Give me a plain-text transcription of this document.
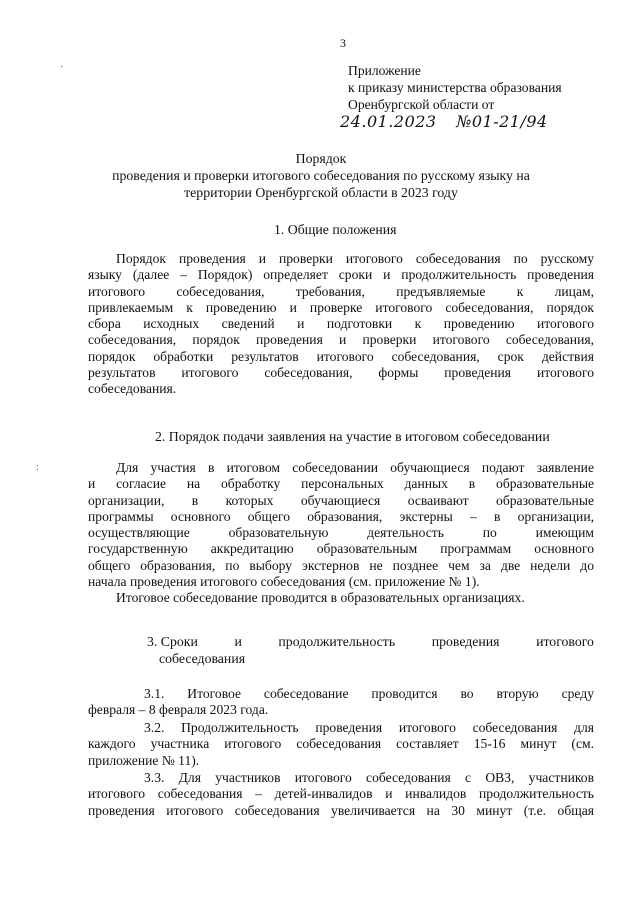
3
Приложение
к приказу министерства образования
Оренбургской области от
24.01.2023 №01-21/94
Порядок
проведения и проверки итогового собеседования по русскому языку на
территории Оренбургской области в 2023 году
1. Общие положения
Порядок проведения и проверки итогового собеседования по русскому
языку (далее – Порядок) определяет сроки и продолжительность проведения
итогового собеседования, требования, предъявляемые к лицам,
привлекаемым к проведению и проверке итогового собеседования, порядок
сбора исходных сведений и подготовки к проведению итогового
собеседования, порядок проведения и проверки итогового собеседования,
порядок обработки результатов итогового собеседования, срок действия
результатов итогового собеседования, формы проведения итогового
собеседования.
2. Порядок подачи заявления на участие в итоговом собеседовании
Для участия в итоговом собеседовании обучающиеся подают заявление
и согласие на обработку персональных данных в образовательные
организации, в которых обучающиеся осваивают образовательные
программы основного общего образования, экстерны – в организации,
осуществляющие образовательную деятельность по имеющим
государственную аккредитацию образовательным программам основного
общего образования, по выбору экстернов не позднее чем за две недели до
начала проведения итогового собеседования (см. приложение № 1).
Итоговое собеседование проводится в образовательных организациях.
3. Сроки	и	продолжительность	проведения	итогового
собеседования
3.1. Итоговое собеседование проводится во вторую среду
февраля – 8 февраля 2023 года.
3.2. Продолжительность проведения итогового собеседования для
каждого участника итогового собеседования составляет 15-16 минут (см.
приложение № 11).
3.3. Для участников итогового собеседования с ОВЗ, участников
итогового собеседования – детей-инвалидов и инвалидов продолжительность
проведения итогового собеседования увеличивается на 30 минут (т.е. общая
:
·
